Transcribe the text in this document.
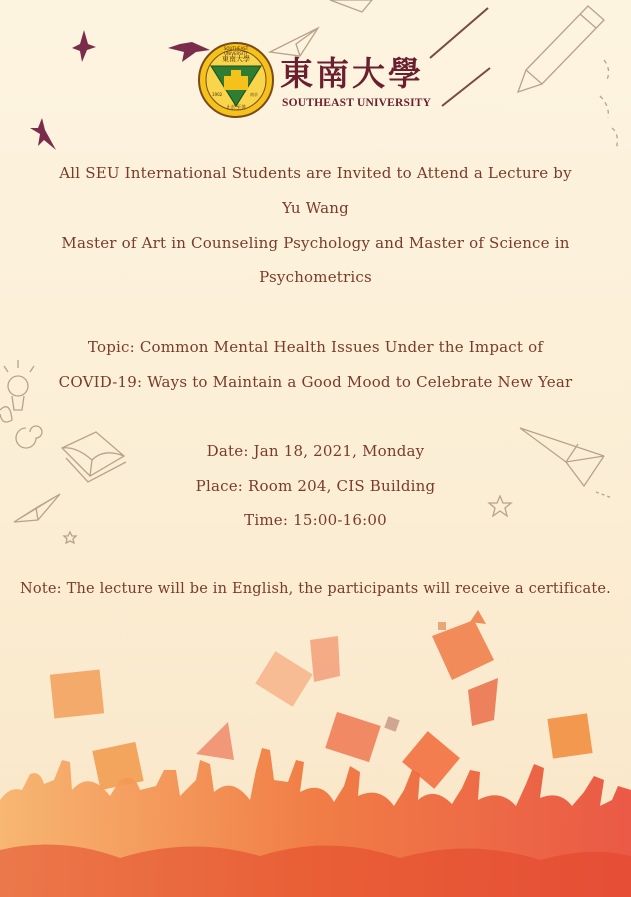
SOUTHEAST UNIVERSITY
東南大學
1902	南京
止於至善
東南大學
SOUTHEAST UNIVERSITY
All SEU International Students are Invited to Attend a Lecture by
Yu Wang
Master of Art in Counseling Psychology and Master of Science in
Psychometrics
Topic: Common Mental Health Issues Under the Impact of
COVID-19: Ways to Maintain a Good Mood to Celebrate New Year
Date: Jan 18, 2021, Monday
Place: Room 204, CIS Building
Time: 15:00-16:00
Note: The lecture will be in English, the participants will receive a certificate.
